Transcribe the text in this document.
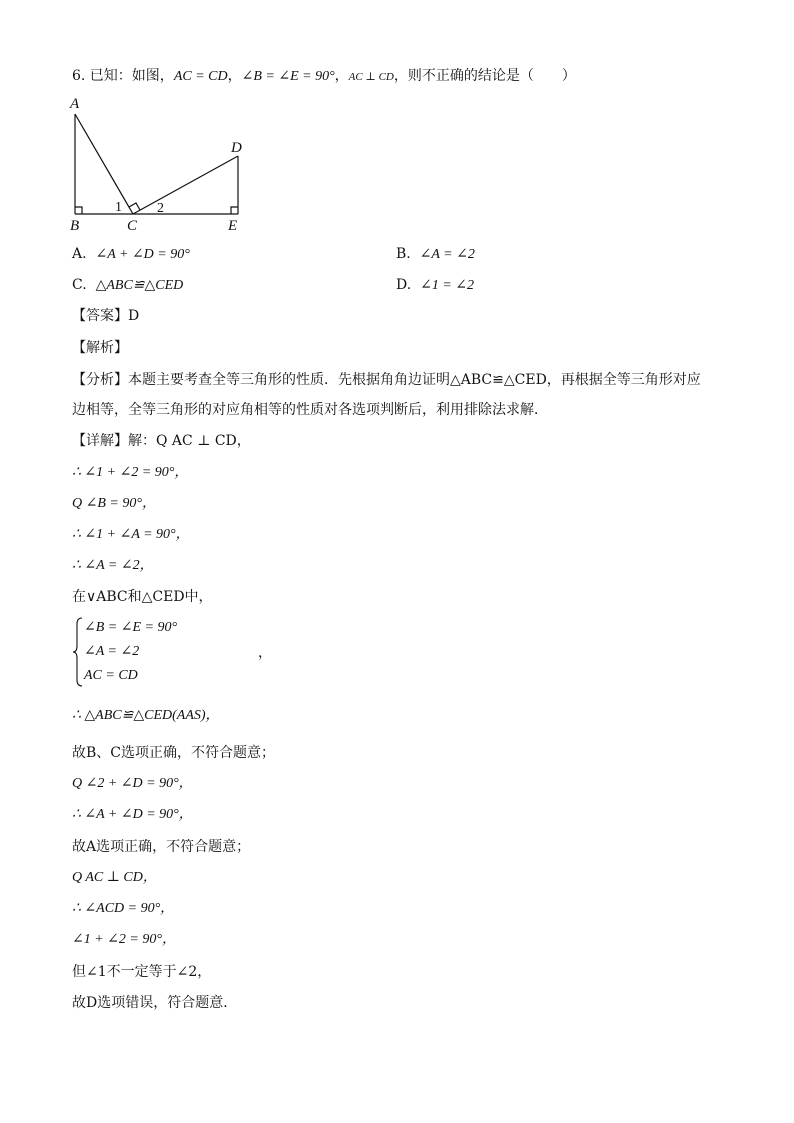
6. 已知：如图，AC = CD，∠B = ∠E = 90°，AC ⊥ CD，则不正确的结论是（　　）
A
B	C
D
E
1	2
A. ∠A + ∠D = 90°	B. ∠A = ∠2
C. △ABC≌△CED	D. ∠1 = ∠2
【答案】D
【解析】
【分析】本题主要考查全等三角形的性质．先根据角角边证明△ABC≌△CED，再根据全等三角形对应
边相等，全等三角形的对应角相等的性质对各选项判断后，利用排除法求解．
【详解】解：Q AC ⊥ CD，
∴ ∠1 + ∠2 = 90°，
Q ∠B = 90°，
∴ ∠1 + ∠A = 90°，
∴ ∠A = ∠2，
在∨ABC和△CED中，
∠B = ∠E = 90°
∠A = ∠2
AC = CD
，
∴ △ABC≌△CED(AAS)，
故B、C选项正确，不符合题意；
Q ∠2 + ∠D = 90°，
∴ ∠A + ∠D = 90°，
故A选项正确，不符合题意；
Q AC ⊥ CD，
∴ ∠ACD = 90°，
∠1 + ∠2 = 90°，
但∠1不一定等于∠2，
故D选项错误，符合题意．
